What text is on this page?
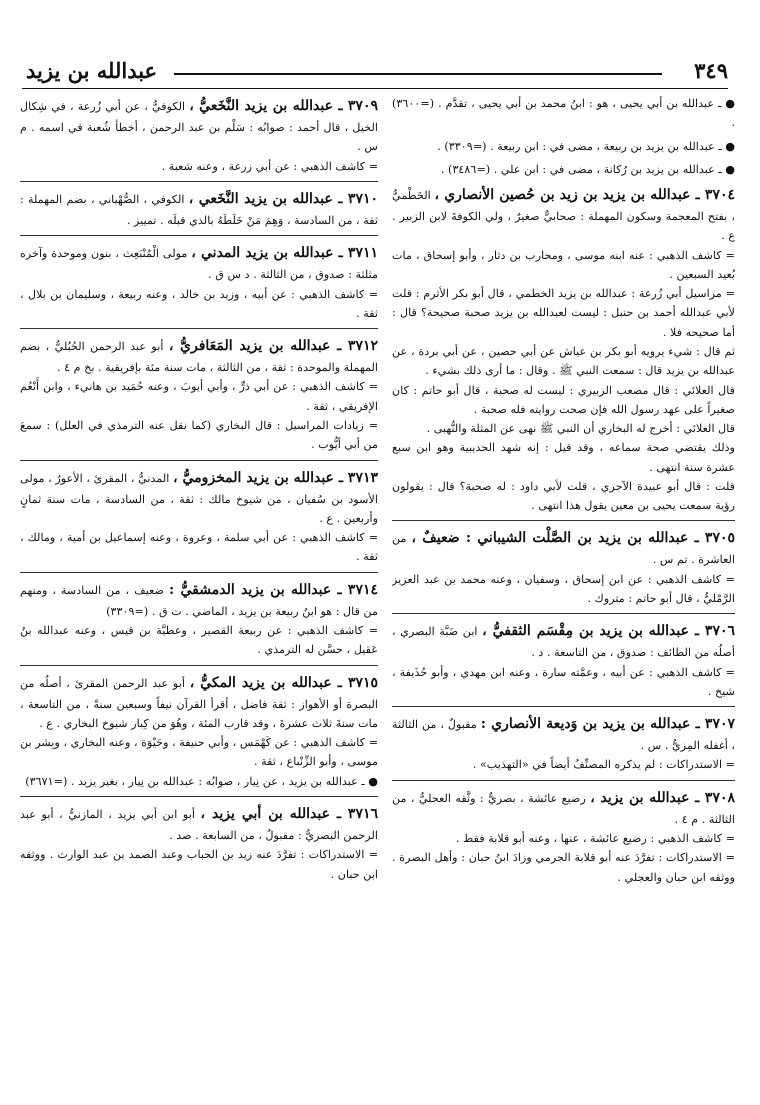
عبدالله بن يزيد	٣٤٩

● ـ عبدالله بن أبي يحيى ، هو : ابنُ محمد بن أبي يحيى ، تقدَّم . (=٣٦٠٠) .

● ـ عبدالله بن يزيد بن ربيعة ، مضى في : ابن ربيعة . (=٣٣٠٩) .

● ـ عبدالله بن يزيد بن رُكانة ، مضى في : ابن علي . (=٣٤٨٦) .

٣٧٠٤ ـ عبدالله بن يزيد بن زيد بن حُصين الأنصاري ، الخَطْميُّ ، بفتح المعجمة وسكون المهملة : صحابيٌّ صغيرٌ ، ولي الكوفةَ لابن الزبير . ع .

= كاشف الذهبي : عنه ابنه موسى ، ومحارب بن دثار ، وأبو إسحاق ، مات بُعيد السبعين .

= مراسيل أبي زُرعة : عبدالله بن يزيد الخطمي ، قال أبو بكر الأثرم : قلت لأبي عبدالله أحمد بن حنبل : ليست لعبدالله بن يزيد صحبة صحيحة؟ قال : أما صحيحه فلا .

ثم قال : شيء يرويه أبو بكر بن عياش عن أبي حصين ، عن أبي بردة ، عن عبدالله بن يزيد قال : سمعت النبي ﷺ . وقال : ما أرى ذلك بشيء .

قال العلائي : قال مصعب الزبيري : ليست له صحبة ، قال أبو حاتم : كان صغيراً على عهد رسول الله فإن صحت روايته فله صحبة .

قال العلائي : أخرج له البخاري أن النبي ﷺ نهى عن المثلة والنُّهبى .

وذلك يقتضي صحة سماعه ، وقد قيل : إنه شهد الحديبية وهو ابن سبع عشرة سنة انتهى .

قلت : قال أبو عبيدة الآجري ، قلت لأبي داود : له صحبة؟ قال : يقولون رؤية سمعت يحيى بن معين يقول هذا انتهى .

٣٧٠٥ ـ عبدالله بن يزيد بن الصَّلْت الشيباني : ضعيفٌ ، من العاشرة . تم س .

= كاشف الذهبي : عن ابن إسحاق ، وسفيان ، وعنه محمد بن عبد العزيز الرَّمْليُّ ، قال أبو حاتم : متروك .

٣٧٠٦ ـ عبدالله بن يزيد بن مِقْسَم الثقفيُّ ، ابن ضَبَّة البصري ، أصلُه من الطائف : صدوق ، من التاسعة . د .

= كاشف الذهبي : عن أبيه ، وعمَّته سارة ، وعنه ابن مهدي ، وأبو حُذَيفة ، شيخ .

٣٧٠٧ ـ عبدالله بن يزيد بن وَديعة الأنصاري : مقبولٌ ، من الثالثة ، أغفله المِزيُّ . س .

= الاستدراكات : لم يذكره المصنِّفُ أيضاً في «التهذيب» .

٣٧٠٨ ـ عبدالله بن يزيد ، رضيع عائشة ، بصريٌّ : وثَّقه العجليُّ ، من الثالثة . م ٤ .

= كاشف الذهبي : رضيع عائشة ، عنها ، وعنه أبو قلابة فقط .

= الاستدراكات : تفرَّدَ عنه أبو قلابة الجرمي وزادَ ابنُ حبان : وأهل البصرة . ووثقه ابن حبان والعجلي .

٣٧٠٩ ـ عبدالله بن يزيد النَّخَعيُّ ، الكوفيُّ ، عن أبي زُرعة ، في شِكال الخيل ، قال أحمد : صوابُه : سَلْم بن عبد الرحمن ، أخطأ شُعبة في اسمه . م س .

= كاشف الذهبي : عن أبي زرعة ، وعنه شعبة .

٣٧١٠ ـ عبدالله بن يزيد النَّخَعي ، الكوفي ، الصُّهْباني ، بضم المهملة : ثقة ، من السادسة ، وَهِمَ مَنْ خَلَطَهُ بالذي قبلَه . تمييز .

٣٧١١ ـ عبدالله بن يزيد المدني ، مولى الْمُنْبَعِث ، بنون وموحدة وآخره مثلثة : صدوق ، من الثالثة . د س ق .

= كاشف الذهبي : عن أبيه ، وزيد بن خالد ، وعنه ربيعة ، وسليمان بن بلال ، ثقة .

٣٧١٢ ـ عبدالله بن يزيد المَعَافريُّ ، أبو عبد الرحمن الحُبُليُّ ، بضم المهملة والموحدة : ثقة ، من الثالثة ، مات سنة مئة بإفريقية . بخ م ٤ .

= كاشف الذهبي : عن أبي ذرٍّ ، وأبي أيوبَ ، وعنه حُمَيد بن هانيء ، وابن أَنْعُم الإفريقي ، ثقة .

= زيادات المراسيل : قال البخاري (كما نقل عنه الترمذي في العلل) : سمعَ من أبي أيُّوب .

٣٧١٣ ـ عبدالله بن يزيد المخزوميُّ ، المدنيُّ ، المقرئ ، الأعورُ ، مولى الأسود بن سُفيان ، من شيوخ مالك : ثقة ، من السادسة ، مات سنة ثمانٍ وأربعين . ع .

= كاشف الذهبي : عن أبي سلمة ، وعروة ، وعنه إسماعيل بن أمية ، ومالك ، ثقة .

٣٧١٤ ـ عبدالله بن يزيد الدمشقيُّ : ضعيف ، من السادسة ، ومنهم من قال : هو ابنُ ربيعة بن يزيد ، الماضي . ت ق . (=٣٣٠٩)

= كاشف الذهبي : عن ربيعة القصير ، وعطيَّة بن قيس ، وعنه عبدالله بنُ عَقيل ، حسَّن له الترمذي .

٣٧١٥ ـ عبدالله بن يزيد المكيُّ ، أبو عبد الرحمن المقرئ ، أصلُه من البصرة أو الأهواز : ثقة فاضل ، أقرأ القرآن نيفاً وسبعين سنةً ، من التاسعة ، مات سنةَ ثلاث عشرةَ ، وقد قارب المئة ، وهُوَ من كِبار شيوخ البخاري . ع .

= كاشف الذهبي : عن كَهْمَس ، وأبي حنيفة ، وحَيْوَة ، وعنه البخاري ، وبِشر بن موسى ، وأبو الزِّنْباع ، ثقة .

● ـ عبدالله بن يزيد ، عن نِيار ، صوابُه : عبدالله بن نِيار ، بغير يزيد . (=٣٦٧١)

٣٧١٦ ـ عبدالله بن أبي يزيد ، أبو ابن أبي يزيد ، المازنيُّ ، أبو عبد الرحمن البصريُّ : مقبولٌ ، من السابعة . صد .

= الاستدراكات : تفرَّدَ عنه زيد بن الحباب وعبد الصمد بن عبد الوارث . ووثقه ابن حبان .
